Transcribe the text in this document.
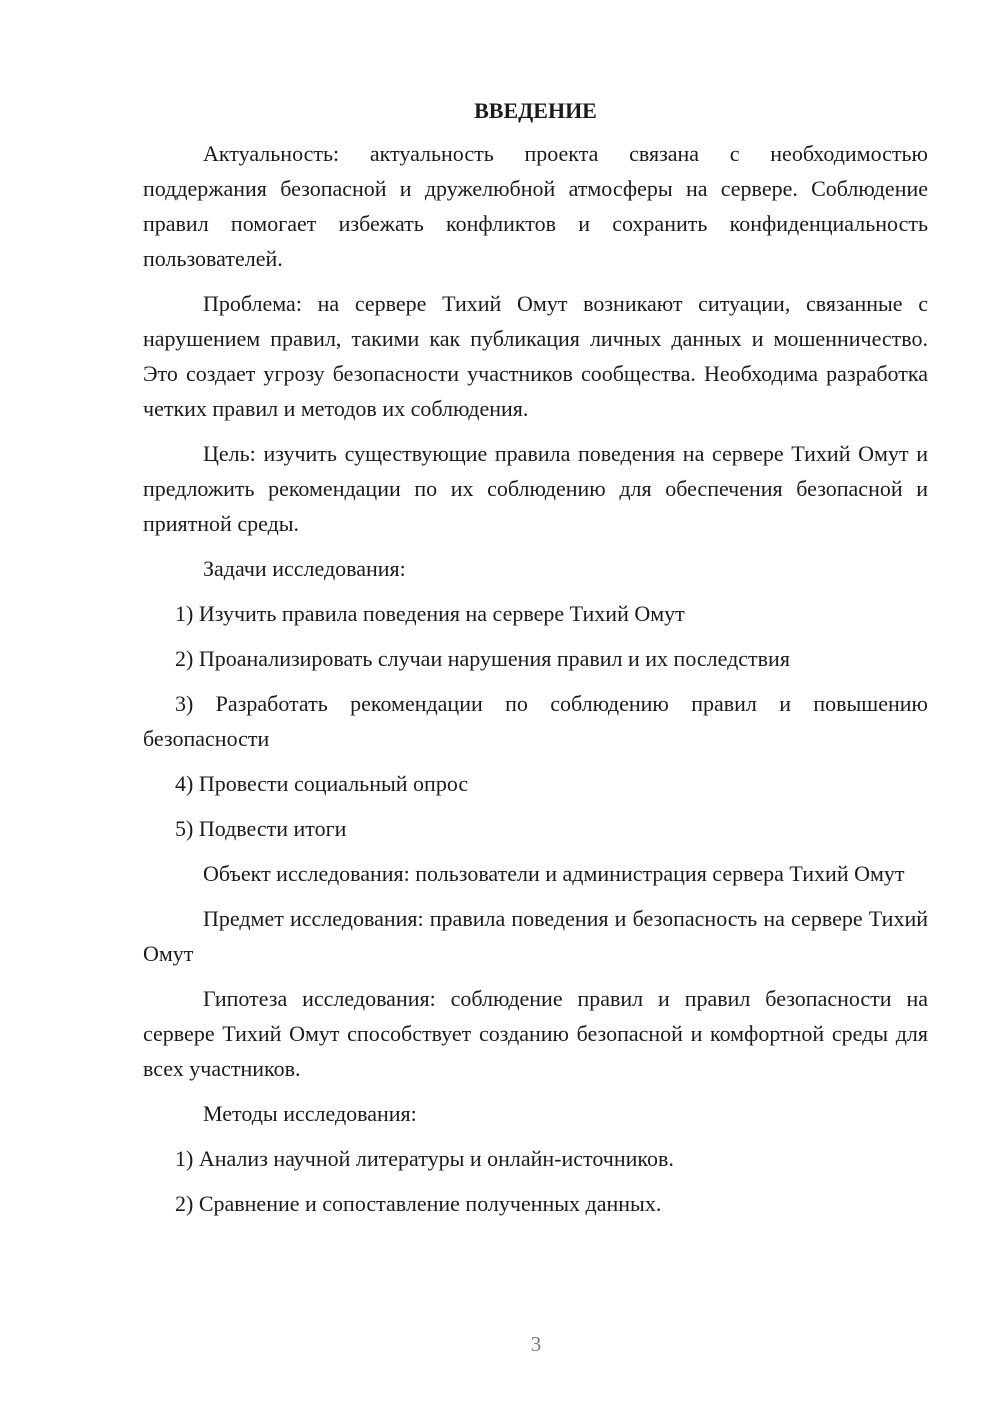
ВВЕДЕНИЕ

Актуальность: актуальность проекта связана с необходимостью поддержания безопасной и дружелюбной атмосферы на сервере. Соблюдение правил помогает избежать конфликтов и сохранить конфиденциальность пользователей.

Проблема: на сервере Тихий Омут возникают ситуации, связанные с нарушением правил, такими как публикация личных данных и мошенничество. Это создает угрозу безопасности участников сообщества. Необходима разработка четких правил и методов их соблюдения.

Цель: изучить существующие правила поведения на сервере Тихий Омут и предложить рекомендации по их соблюдению для обеспечения безопасной и приятной среды.

Задачи исследования:

1) Изучить правила поведения на сервере Тихий Омут

2) Проанализировать случаи нарушения правил и их последствия

3) Разработать рекомендации по соблюдению правил и повышению безопасности

4) Провести социальный опрос

5) Подвести итоги

Объект исследования: пользователи и администрация сервера Тихий Омут

Предмет исследования: правила поведения и безопасность на сервере Тихий Омут

Гипотеза исследования: соблюдение правил и правил безопасности на сервере Тихий Омут способствует созданию безопасной и комфортной среды для всех участников.

Методы исследования:

1) Анализ научной литературы и онлайн-источников.

2) Сравнение и сопоставление полученных данных.

3
